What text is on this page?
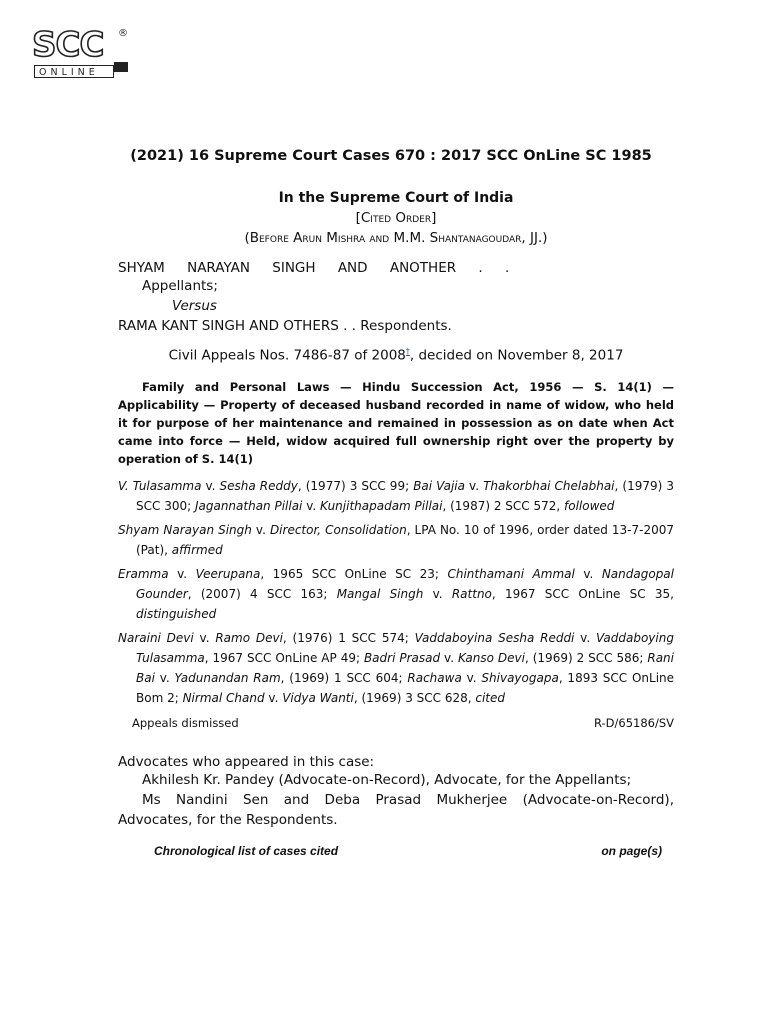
SCC	®
ONLINE
(2021) 16 Supreme Court Cases 670 : 2017 SCC OnLine SC 1985
In the Supreme Court of India
[Cited Order]
(Before Arun Mishra and M.M. Shantanagoudar, JJ.)
SHYAM NARAYAN SINGH AND ANOTHER . .
Appellants;
Versus
RAMA KANT SINGH AND OTHERS . . Respondents.
Civil Appeals Nos. 7486-87 of 2008†, decided on November 8, 2017
Family and Personal Laws — Hindu Succession Act, 1956 — S. 14(1) — Applicability — Property of deceased husband recorded in name of widow, who held it for purpose of her maintenance and remained in possession as on date when Act came into force — Held, widow acquired full ownership right over the property by operation of S. 14(1)
V. Tulasamma v. Sesha Reddy, (1977) 3 SCC 99; Bai Vajia v. Thakorbhai Chelabhai, (1979) 3 SCC 300; Jagannathan Pillai v. Kunjithapadam Pillai, (1987) 2 SCC 572, followed
Shyam Narayan Singh v. Director, Consolidation, LPA No. 10 of 1996, order dated 13-7-2007 (Pat), affirmed
Eramma v. Veerupana, 1965 SCC OnLine SC 23; Chinthamani Ammal v. Nandagopal Gounder, (2007) 4 SCC 163; Mangal Singh v. Rattno, 1967 SCC OnLine SC 35, distinguished
Naraini Devi v. Ramo Devi, (1976) 1 SCC 574; Vaddaboyina Sesha Reddi v. Vaddaboying Tulasamma, 1967 SCC OnLine AP 49; Badri Prasad v. Kanso Devi, (1969) 2 SCC 586; Rani Bai v. Yadunandan Ram, (1969) 1 SCC 604; Rachawa v. Shivayogapa, 1893 SCC OnLine Bom 2; Nirmal Chand v. Vidya Wanti, (1969) 3 SCC 628, cited
Appeals dismissed	R-D/65186/SV
Advocates who appeared in this case:
Akhilesh Kr. Pandey (Advocate-on-Record), Advocate, for the Appellants;
Ms Nandini Sen and Deba Prasad Mukherjee (Advocate-on-Record), Advocates, for the Respondents.
Chronological list of cases cited	on page(s)
